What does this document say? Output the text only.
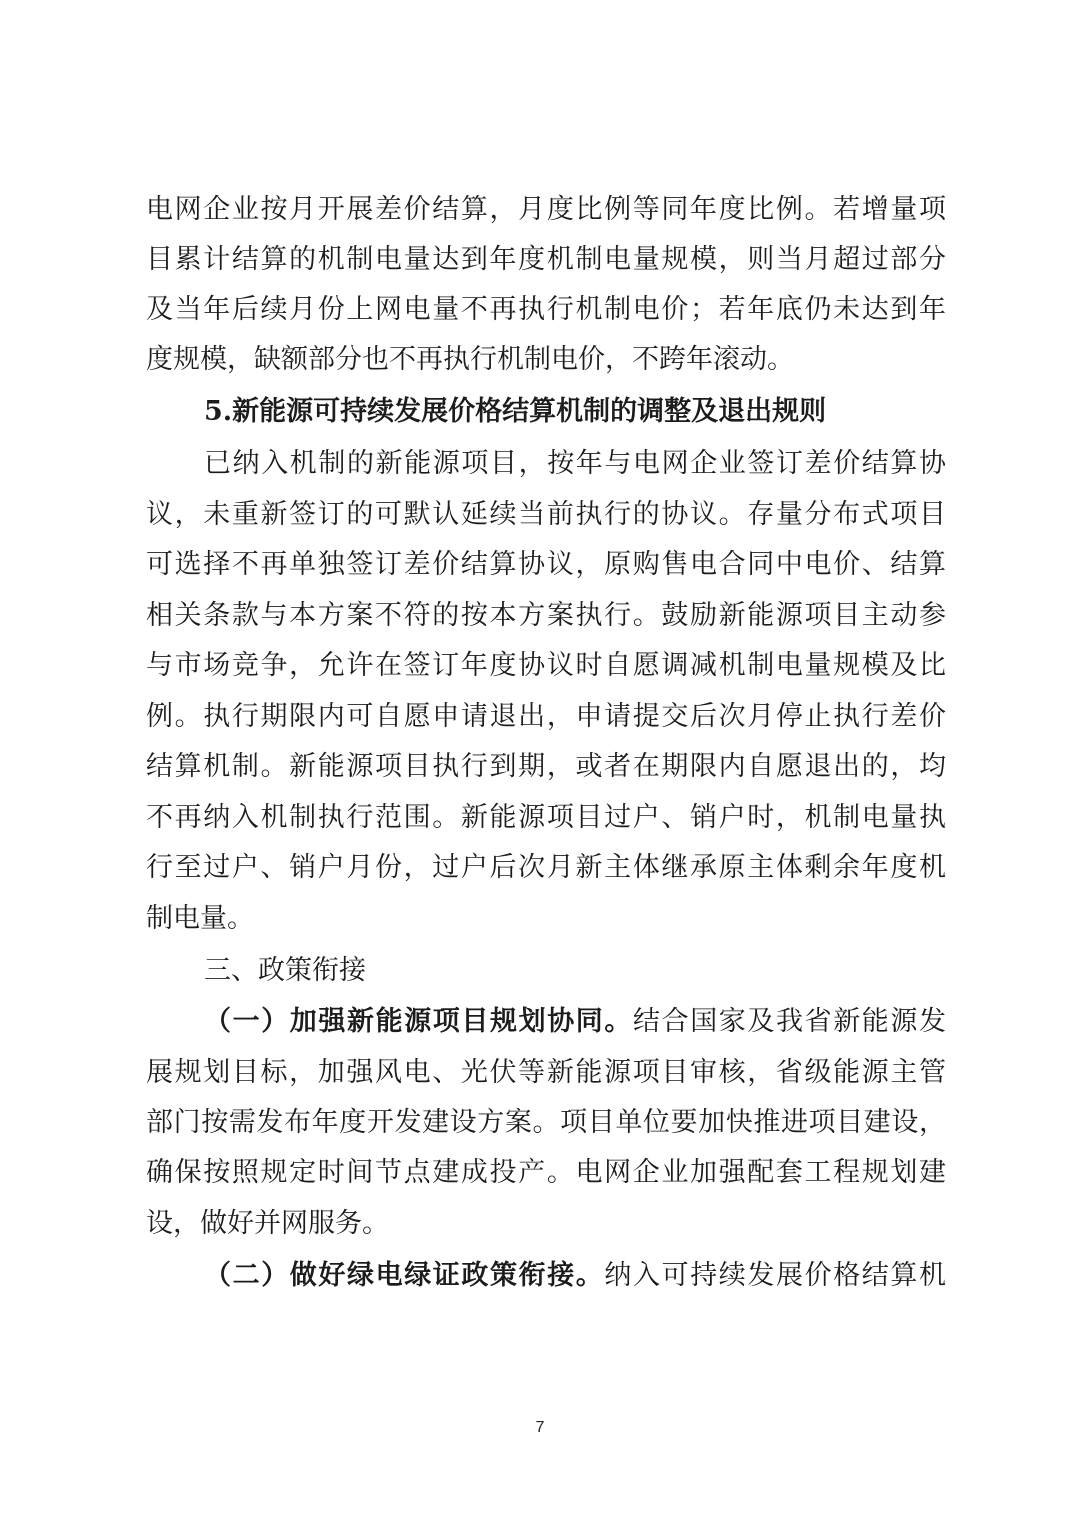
电网企业按月开展差价结算，月度比例等同年度比例。若增量项
目累计结算的机制电量达到年度机制电量规模，则当月超过部分
及当年后续月份上网电量不再执行机制电价；若年底仍未达到年
度规模，缺额部分也不再执行机制电价，不跨年滚动。
5.新能源可持续发展价格结算机制的调整及退出规则
已纳入机制的新能源项目，按年与电网企业签订差价结算协
议，未重新签订的可默认延续当前执行的协议。存量分布式项目
可选择不再单独签订差价结算协议，原购售电合同中电价、结算
相关条款与本方案不符的按本方案执行。鼓励新能源项目主动参
与市场竞争，允许在签订年度协议时自愿调减机制电量规模及比
例。执行期限内可自愿申请退出，申请提交后次月停止执行差价
结算机制。新能源项目执行到期，或者在期限内自愿退出的，均
不再纳入机制执行范围。新能源项目过户、销户时，机制电量执
行至过户、销户月份，过户后次月新主体继承原主体剩余年度机
制电量。
三、政策衔接
（一）加强新能源项目规划协同。结合国家及我省新能源发
展规划目标，加强风电、光伏等新能源项目审核，省级能源主管
部门按需发布年度开发建设方案。项目单位要加快推进项目建设，
确保按照规定时间节点建成投产。电网企业加强配套工程规划建
设，做好并网服务。
（二）做好绿电绿证政策衔接。纳入可持续发展价格结算机
7
